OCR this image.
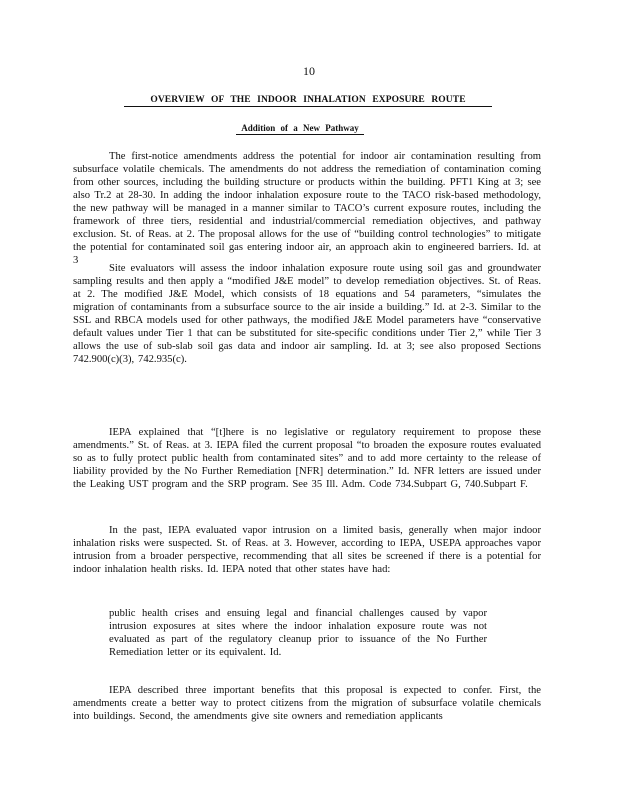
10
OVERVIEW OF THE INDOOR INHALATION EXPOSURE ROUTE
Addition of a New Pathway

The first-notice amendments address the potential for indoor air contamination resulting from subsurface volatile chemicals. The amendments do not address the remediation of contamination coming from other sources, including the building structure or products within the building. PFT1 King at 3; see also Tr.2 at 28-30. In adding the indoor inhalation exposure route to the TACO risk-based methodology, the new pathway will be managed in a manner similar to TACO’s current exposure routes, including the framework of three tiers, residential and industrial/commercial remediation objectives, and pathway exclusion. St. of Reas. at 2. The proposal allows for the use of “building control technologies” to mitigate the potential for contaminated soil gas entering indoor air, an approach akin to engineered barriers. Id. at 3

Site evaluators will assess the indoor inhalation exposure route using soil gas and groundwater sampling results and then apply a “modified J&E model” to develop remediation objectives. St. of Reas. at 2. The modified J&E Model, which consists of 18 equations and 54 parameters, “simulates the migration of contaminants from a subsurface source to the air inside a building.” Id. at 2-3. Similar to the SSL and RBCA models used for other pathways, the modified J&E Model parameters have “conservative default values under Tier 1 that can be substituted for site-specific conditions under Tier 2,” while Tier 3 allows the use of sub-slab soil gas data and indoor air sampling. Id. at 3; see also proposed Sections 742.900(c)(3), 742.935(c).

IEPA explained that “[t]here is no legislative or regulatory requirement to propose these amendments.” St. of Reas. at 3. IEPA filed the current proposal “to broaden the exposure routes evaluated so as to fully protect public health from contaminated sites” and to add more certainty to the release of liability provided by the No Further Remediation [NFR] determination.” Id. NFR letters are issued under the Leaking UST program and the SRP program. See 35 Ill. Adm. Code 734.Subpart G, 740.Subpart F.

In the past, IEPA evaluated vapor intrusion on a limited basis, generally when major indoor inhalation risks were suspected. St. of Reas. at 3. However, according to IEPA, USEPA approaches vapor intrusion from a broader perspective, recommending that all sites be screened if there is a potential for indoor inhalation health risks. Id. IEPA noted that other states have had:

public health crises and ensuing legal and financial challenges caused by vapor intrusion exposures at sites where the indoor inhalation exposure route was not evaluated as part of the regulatory cleanup prior to issuance of the No Further Remediation letter or its equivalent. Id.

IEPA described three important benefits that this proposal is expected to confer. First, the amendments create a better way to protect citizens from the migration of subsurface volatile chemicals into buildings. Second, the amendments give site owners and remediation applicants
